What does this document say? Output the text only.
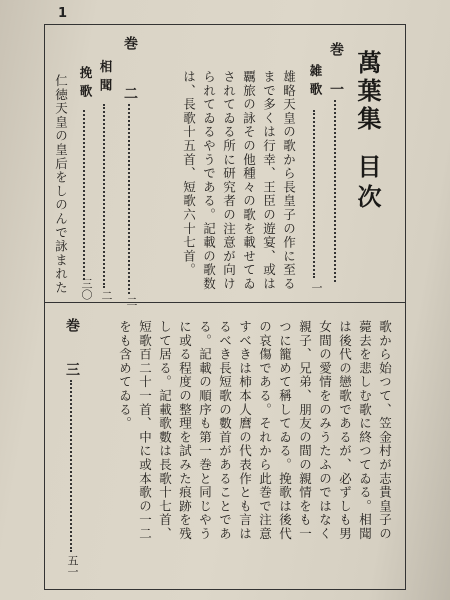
1
萬葉集目次
巻
一
雑歌
一
雄略天皇の歌から長皇子の作に至る
まで多くは行幸、王臣の遊宴、或は
覊旅の詠その他種々の歌を載せてゐ
されてゐる所に研究者の注意が向け
られてゐるやうである。記載の歌数
は、長歌十五首、短歌六十七首。
巻
二
二
相聞
二
挽歌
三〇
仁徳天皇の皇后をしのんで詠まれた
巻
三
五一
歌から始つて、笠金村が志貴皇子の
薨去を悲しむ歌に終つてゐる。相聞
は後代の戀歌であるが、必ずしも男
女間の愛情をのみうたふのではなく
親子、兄弟、朋友の間の親情をも一
つに籠めて稱してゐる。挽歌は後代
の哀傷である。それから此巻で注意
すべきは柿本人麿の代表作とも言は
るべき長短歌の數首があることであ
る。記載の順序も第一巻と同じやう
に或る程度の整理を試みた痕跡を残
して居る。記載歌數は長歌十七首、
短歌百二十一首、中に或本歌の一二
をも含めてゐる。
